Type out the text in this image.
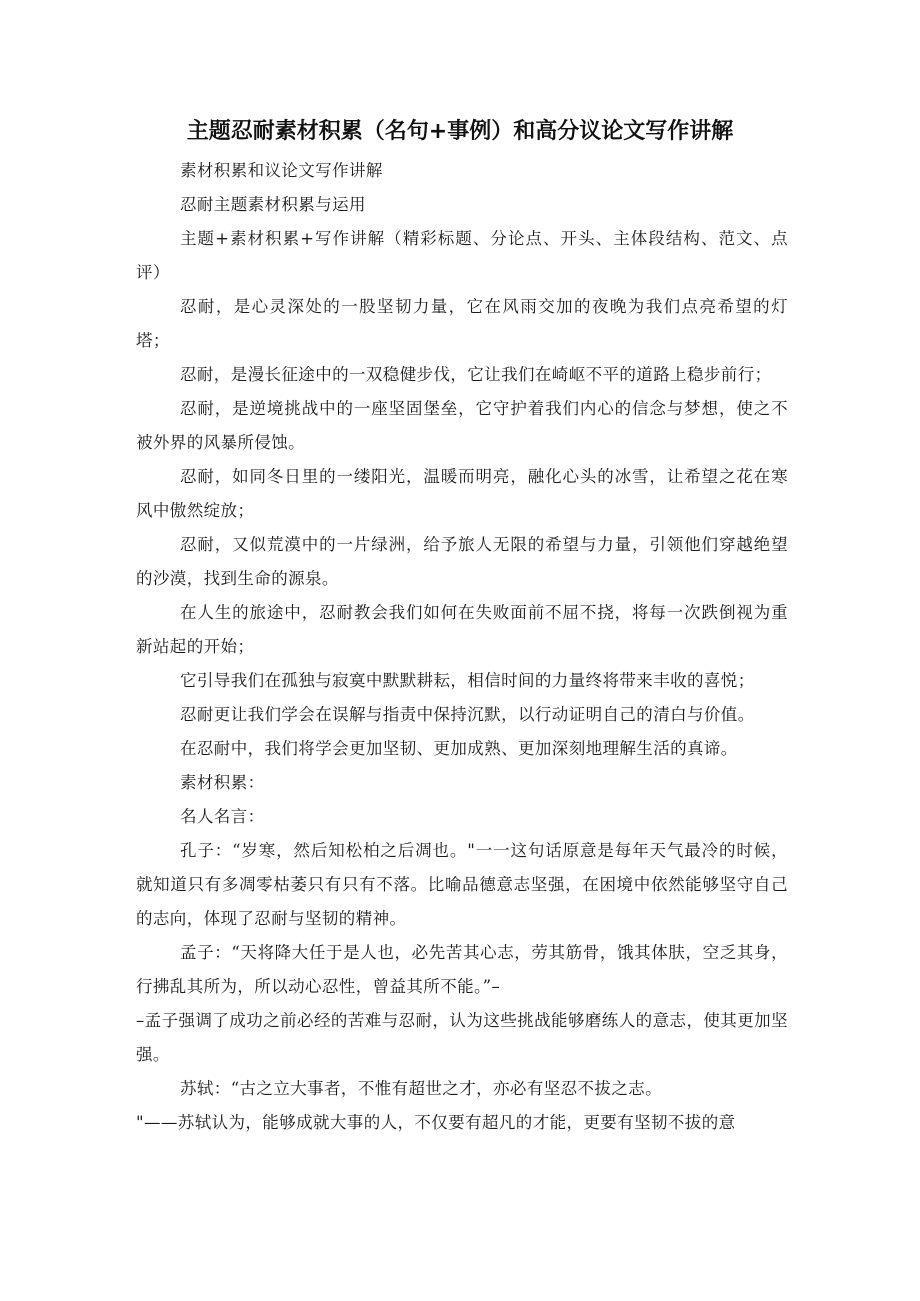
主题忍耐素材积累（名句+事例）和高分议论文写作讲解

素材积累和议论文写作讲解

忍耐主题素材积累与运用

主题+素材积累+写作讲解（精彩标题、分论点、开头、主体段结构、范文、点评）

忍耐，是心灵深处的一股坚韧力量，它在风雨交加的夜晚为我们点亮希望的灯塔；

忍耐，是漫长征途中的一双稳健步伐，它让我们在崎岖不平的道路上稳步前行；

忍耐，是逆境挑战中的一座坚固堡垒，它守护着我们内心的信念与梦想，使之不被外界的风暴所侵蚀。

忍耐，如同冬日里的一缕阳光，温暖而明亮，融化心头的冰雪，让希望之花在寒风中傲然绽放；

忍耐，又似荒漠中的一片绿洲，给予旅人无限的希望与力量，引领他们穿越绝望的沙漠，找到生命的源泉。

在人生的旅途中，忍耐教会我们如何在失败面前不屈不挠，将每一次跌倒视为重新站起的开始；

它引导我们在孤独与寂寞中默默耕耘，相信时间的力量终将带来丰收的喜悦；

忍耐更让我们学会在误解与指责中保持沉默，以行动证明自己的清白与价值。

在忍耐中，我们将学会更加坚韧、更加成熟、更加深刻地理解生活的真谛。

素材积累：

名人名言：

孔子：“岁寒，然后知松柏之后凋也。"一一这句话原意是每年天气最冷的时候，就知道只有多凋零枯萎只有只有不落。比喻品德意志坚强，在困境中依然能够坚守自己的志向，体现了忍耐与坚韧的精神。

孟子：“天将降大任于是人也，必先苦其心志，劳其筋骨，饿其体肤，空乏其身，行拂乱其所为，所以动心忍性，曾益其所不能。”–

–孟子强调了成功之前必经的苦难与忍耐，认为这些挑战能够磨练人的意志，使其更加坚强。

苏轼：“古之立大事者，不惟有超世之才，亦必有坚忍不拔之志。

"——苏轼认为，能够成就大事的人，不仅要有超凡的才能，更要有坚韧不拔的意
